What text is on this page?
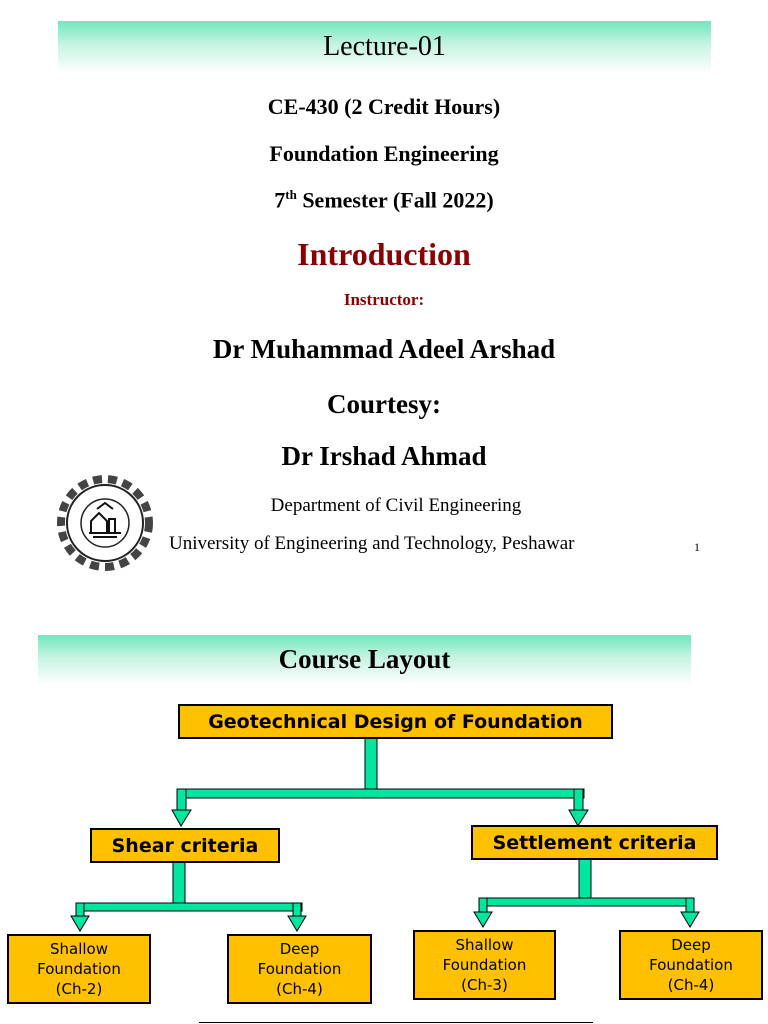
Lecture-01
CE-430 (2 Credit Hours)
Foundation Engineering
7th Semester (Fall 2022)
Introduction
Instructor:
Dr Muhammad Adeel Arshad
Courtesy:
Dr Irshad Ahmad
Department of Civil Engineering
University of Engineering and Technology, Peshawar	1
Course Layout
Geotechnical Design of Foundation
Shear criteria	Settlement criteria
Shallow
Foundation
(Ch-2)
Deep
Foundation
(Ch-4)
Shallow
Foundation
(Ch-3)
Deep
Foundation
(Ch-4)
